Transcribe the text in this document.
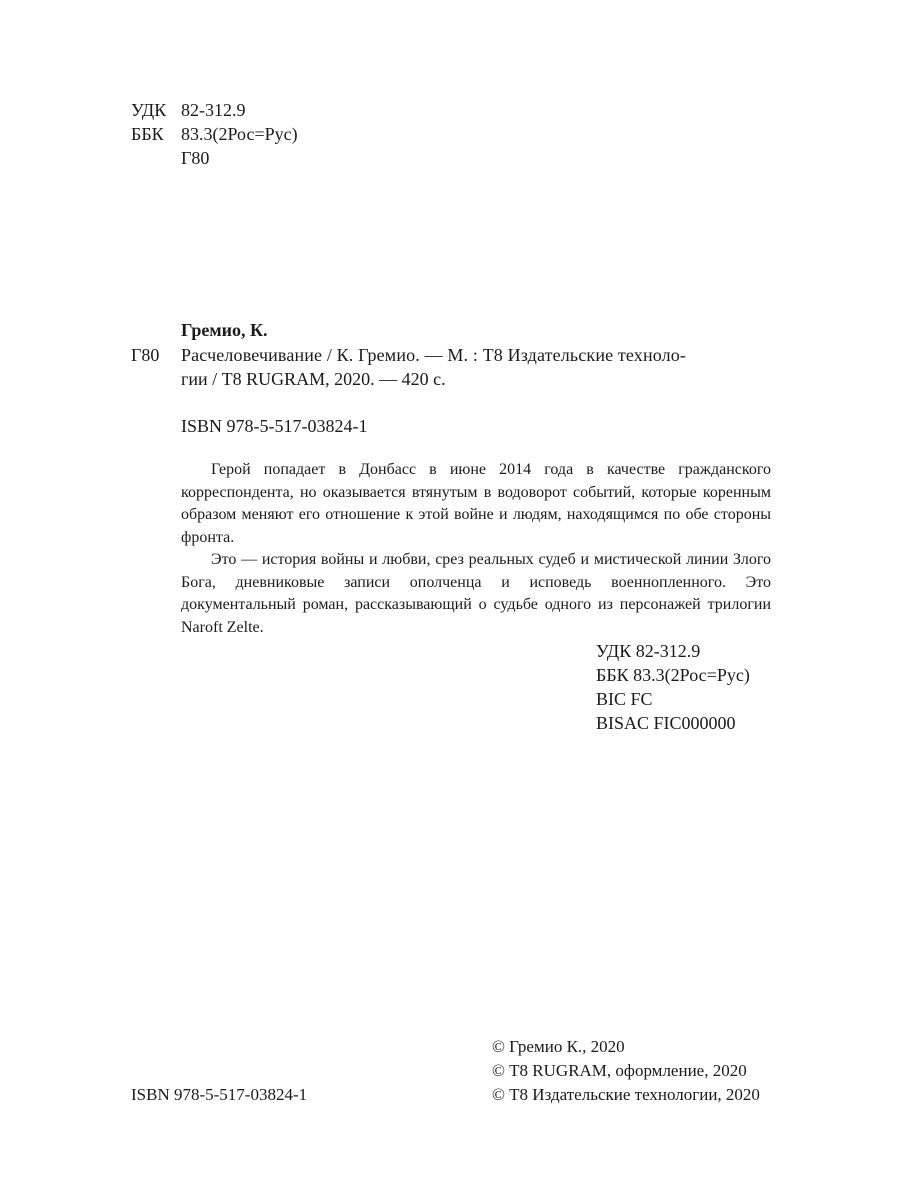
УДК 82-312.9
ББК 83.3(2Рос=Рус)
Г80
Гремио, К.
Г80 Расчеловечивание / К. Гремио. — М. : Т8 Издательские техноло-
гии / Т8 RUGRAM, 2020. — 420 с.
ISBN 978-5-517-03824-1

Герой попадает в Донбасс в июне 2014 года в качестве гражданского корреспондента, но оказывается втянутым в водоворот событий, которые коренным образом меняют его отношение к этой войне и людям, находящимся по обе стороны фронта.

Это — история войны и любви, срез реальных судеб и мистической линии Злого Бога, дневниковые записи ополченца и исповедь военнопленного. Это документальный роман, рассказывающий о судьбе одного из персонажей трилогии Naroft Zelte.

УДК 82-312.9
ББК 83.3(2Рос=Рус)
BIC FC
BISAC FIC000000
© Гремио К., 2020
© Т8 RUGRAM, оформление, 2020
© Т8 Издательские технологии, 2020
ISBN 978-5-517-03824-1
